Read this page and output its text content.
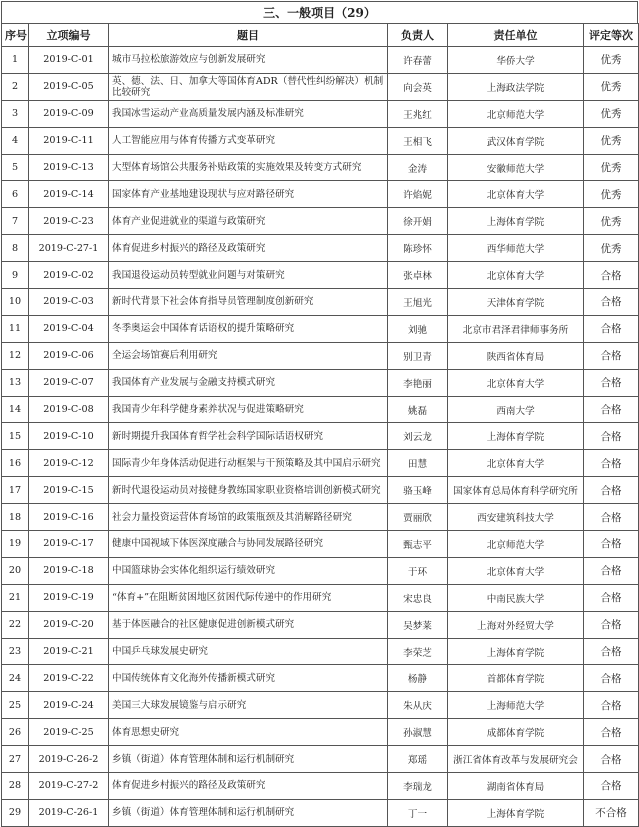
三、一般项目（29）
序号	立项编号	题目	负责人	责任单位	评定等次
1	2019-C-01	城市马拉松旅游效应与创新发展研究	许春蕾	华侨大学	优秀
2	2019-C-05	英、德、法、日、加拿大等国体育ADR（替代性纠纷解决）机制比较研究	向会英	上海政法学院	优秀
3	2019-C-09	我国冰雪运动产业高质量发展内涵及标准研究	王兆红	北京师范大学	优秀
4	2019-C-11	人工智能应用与体育传播方式变革研究	王相飞	武汉体育学院	优秀
5	2019-C-13	大型体育场馆公共服务补贴政策的实施效果及转变方式研究	金涛	安徽师范大学	优秀
6	2019-C-14	国家体育产业基地建设现状与应对路径研究	许焰妮	北京体育大学	优秀
7	2019-C-23	体育产业促进就业的渠道与政策研究	徐开娟	上海体育学院	优秀
8	2019-C-27-1	体育促进乡村振兴的路径及政策研究	陈珍怀	西华师范大学	优秀
9	2019-C-02	我国退役运动员转型就业问题与对策研究	张卓林	北京体育大学	合格
10	2019-C-03	新时代背景下社会体育指导员管理制度创新研究	王旭光	天津体育学院	合格
11	2019-C-04	冬季奥运会中国体育话语权的提升策略研究	刘驰	北京市君泽君律师事务所	合格
12	2019-C-06	全运会场馆赛后利用研究	别卫青	陕西省体育局	合格
13	2019-C-07	我国体育产业发展与金融支持模式研究	李艳丽	北京体育大学	合格
14	2019-C-08	我国青少年科学健身素养状况与促进策略研究	姚磊	西南大学	合格
15	2019-C-10	新时期提升我国体育哲学社会科学国际话语权研究	刘云龙	上海体育学院	合格
16	2019-C-12	国际青少年身体活动促进行动框架与干预策略及其中国启示研究	田慧	北京体育大学	合格
17	2019-C-15	新时代退役运动员对接健身教练国家职业资格培训创新模式研究	骆玉峰	国家体育总局体育科学研究所	合格
18	2019-C-16	社会力量投资运营体育场馆的政策瓶颈及其消解路径研究	贾丽欣	西安建筑科技大学	合格
19	2019-C-17	健康中国视域下体医深度融合与协同发展路径研究	甄志平	北京师范大学	合格
20	2019-C-18	中国篮球协会实体化组织运行绩效研究	于环	北京体育大学	合格
21	2019-C-19	“体育+”在阻断贫困地区贫困代际传递中的作用研究	宋忠良	中南民族大学	合格
22	2019-C-20	基于体医融合的社区健康促进创新模式研究	吴梦莱	上海对外经贸大学	合格
23	2019-C-21	中国乒乓球发展史研究	李荣芝	上海体育学院	合格
24	2019-C-22	中国传统体育文化海外传播新模式研究	杨静	首都体育学院	合格
25	2019-C-24	美国三大球发展镜鉴与启示研究	朱从庆	上海师范大学	合格
26	2019-C-25	体育思想史研究	孙淑慧	成都体育学院	合格
27	2019-C-26-2	乡镇（街道）体育管理体制和运行机制研究	郑瑶	浙江省体育改革与发展研究会	合格
28	2019-C-27-2	体育促进乡村振兴的路径及政策研究	李瑞龙	湖南省体育局	合格
29	2019-C-26-1	乡镇（街道）体育管理体制和运行机制研究	丁一	上海体育学院	不合格
